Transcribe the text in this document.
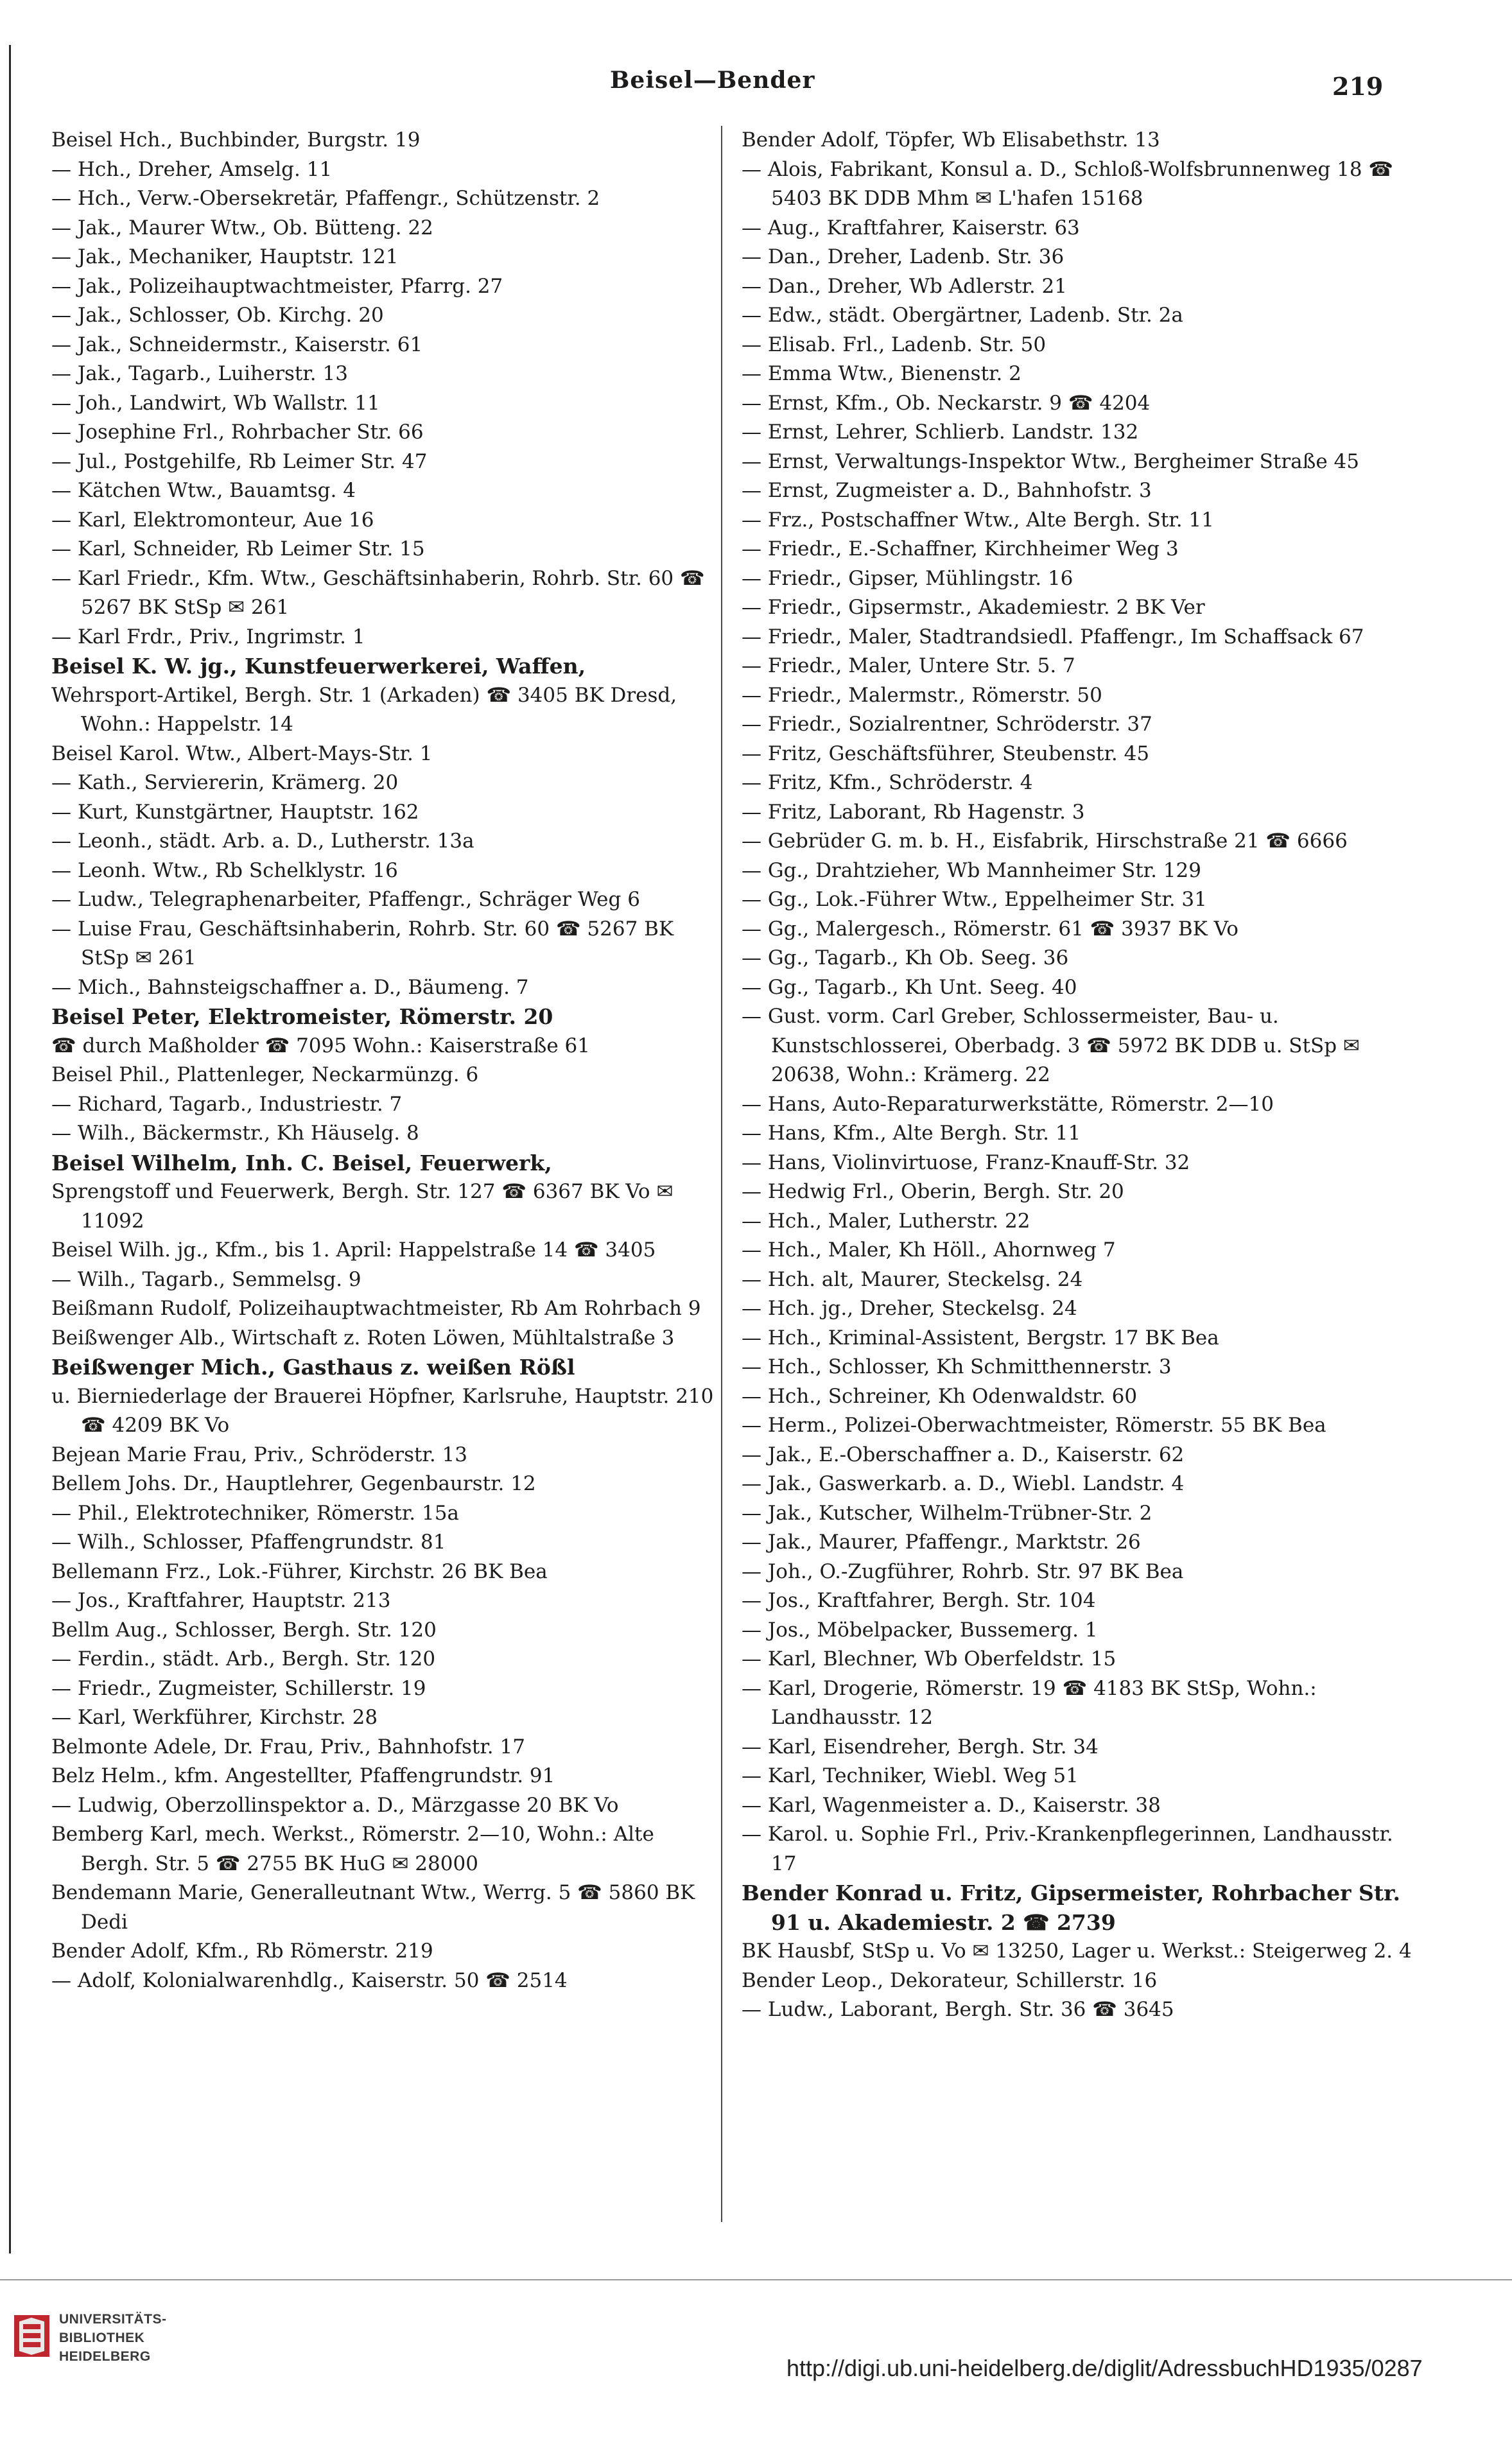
Beisel—Bender	219

Beisel Hch., Buchbinder, Burgstr. 19

— Hch., Dreher, Amselg. 11

— Hch., Verw.-Obersekretär, Pfaffengr., Schützenstr. 2

— Jak., Maurer Wtw., Ob. Bütteng. 22

— Jak., Mechaniker, Hauptstr. 121

— Jak., Polizeihauptwachtmeister, Pfarrg. 27

— Jak., Schlosser, Ob. Kirchg. 20

— Jak., Schneidermstr., Kaiserstr. 61

— Jak., Tagarb., Luiherstr. 13

— Joh., Landwirt, Wb Wallstr. 11

— Josephine Frl., Rohrbacher Str. 66

— Jul., Postgehilfe, Rb Leimer Str. 47

— Kätchen Wtw., Bauamtsg. 4

— Karl, Elektromonteur, Aue 16

— Karl, Schneider, Rb Leimer Str. 15

— Karl Friedr., Kfm. Wtw., Geschäftsinhaberin, Rohrb. Str. 60 ☎ 5267 BK StSp ✉ 261

— Karl Frdr., Priv., Ingrimstr. 1

Beisel K. W. jg., Kunstfeuerwerkerei, Waffen,

Wehrsport-Artikel, Bergh. Str. 1 (Arkaden) ☎ 3405 BK Dresd, Wohn.: Happelstr. 14

Beisel Karol. Wtw., Albert-Mays-Str. 1

— Kath., Serviererin, Krämerg. 20

— Kurt, Kunstgärtner, Hauptstr. 162

— Leonh., städt. Arb. a. D., Lutherstr. 13a

— Leonh. Wtw., Rb Schelklystr. 16

— Ludw., Telegraphenarbeiter, Pfaffengr., Schräger Weg 6

— Luise Frau, Geschäftsinhaberin, Rohrb. Str. 60 ☎ 5267 BK StSp ✉ 261

— Mich., Bahnsteigschaffner a. D., Bäumeng. 7

Beisel Peter, Elektromeister, Römerstr. 20

☎ durch Maßholder ☎ 7095 Wohn.: Kaiserstraße 61

Beisel Phil., Plattenleger, Neckarmünzg. 6

— Richard, Tagarb., Industriestr. 7

— Wilh., Bäckermstr., Kh Häuselg. 8

Beisel Wilhelm, Inh. C. Beisel, Feuerwerk,

Sprengstoff und Feuerwerk, Bergh. Str. 127 ☎ 6367 BK Vo ✉ 11092

Beisel Wilh. jg., Kfm., bis 1. April: Happelstraße 14 ☎ 3405

— Wilh., Tagarb., Semmelsg. 9

Beißmann Rudolf, Polizeihauptwachtmeister, Rb Am Rohrbach 9

Beißwenger Alb., Wirtschaft z. Roten Löwen, Mühltalstraße 3

Beißwenger Mich., Gasthaus z. weißen Rößl

u. Bierniederlage der Brauerei Höpfner, Karlsruhe, Hauptstr. 210 ☎ 4209 BK Vo

Bejean Marie Frau, Priv., Schröderstr. 13

Bellem Johs. Dr., Hauptlehrer, Gegenbaurstr. 12

— Phil., Elektrotechniker, Römerstr. 15a

— Wilh., Schlosser, Pfaffengrundstr. 81

Bellemann Frz., Lok.-Führer, Kirchstr. 26 BK Bea

— Jos., Kraftfahrer, Hauptstr. 213

Bellm Aug., Schlosser, Bergh. Str. 120

— Ferdin., städt. Arb., Bergh. Str. 120

— Friedr., Zugmeister, Schillerstr. 19

— Karl, Werkführer, Kirchstr. 28

Belmonte Adele, Dr. Frau, Priv., Bahnhofstr. 17

Belz Helm., kfm. Angestellter, Pfaffengrundstr. 91

— Ludwig, Oberzollinspektor a. D., Märzgasse 20 BK Vo

Bemberg Karl, mech. Werkst., Römerstr. 2—10, Wohn.: Alte Bergh. Str. 5 ☎ 2755 BK HuG ✉ 28000

Bendemann Marie, Generalleutnant Wtw., Werrg. 5 ☎ 5860 BK Dedi

Bender Adolf, Kfm., Rb Römerstr. 219

— Adolf, Kolonialwarenhdlg., Kaiserstr. 50 ☎ 2514

Bender Adolf, Töpfer, Wb Elisabethstr. 13

— Alois, Fabrikant, Konsul a. D., Schloß-Wolfsbrunnenweg 18 ☎ 5403 BK DDB Mhm ✉ L'hafen 15168

— Aug., Kraftfahrer, Kaiserstr. 63

— Dan., Dreher, Ladenb. Str. 36

— Dan., Dreher, Wb Adlerstr. 21

— Edw., städt. Obergärtner, Ladenb. Str. 2a

— Elisab. Frl., Ladenb. Str. 50

— Emma Wtw., Bienenstr. 2

— Ernst, Kfm., Ob. Neckarstr. 9 ☎ 4204

— Ernst, Lehrer, Schlierb. Landstr. 132

— Ernst, Verwaltungs-Inspektor Wtw., Bergheimer Straße 45

— Ernst, Zugmeister a. D., Bahnhofstr. 3

— Frz., Postschaffner Wtw., Alte Bergh. Str. 11

— Friedr., E.-Schaffner, Kirchheimer Weg 3

— Friedr., Gipser, Mühlingstr. 16

— Friedr., Gipsermstr., Akademiestr. 2 BK Ver

— Friedr., Maler, Stadtrandsiedl. Pfaffengr., Im Schaffsack 67

— Friedr., Maler, Untere Str. 5. 7

— Friedr., Malermstr., Römerstr. 50

— Friedr., Sozialrentner, Schröderstr. 37

— Fritz, Geschäftsführer, Steubenstr. 45

— Fritz, Kfm., Schröderstr. 4

— Fritz, Laborant, Rb Hagenstr. 3

— Gebrüder G. m. b. H., Eisfabrik, Hirschstraße 21 ☎ 6666

— Gg., Drahtzieher, Wb Mannheimer Str. 129

— Gg., Lok.-Führer Wtw., Eppelheimer Str. 31

— Gg., Malergesch., Römerstr. 61 ☎ 3937 BK Vo

— Gg., Tagarb., Kh Ob. Seeg. 36

— Gg., Tagarb., Kh Unt. Seeg. 40

— Gust. vorm. Carl Greber, Schlossermeister, Bau- u. Kunstschlosserei, Oberbadg. 3 ☎ 5972 BK DDB u. StSp ✉ 20638, Wohn.: Krämerg. 22

— Hans, Auto-Reparaturwerkstätte, Römerstr. 2—10

— Hans, Kfm., Alte Bergh. Str. 11

— Hans, Violinvirtuose, Franz-Knauff-Str. 32

— Hedwig Frl., Oberin, Bergh. Str. 20

— Hch., Maler, Lutherstr. 22

— Hch., Maler, Kh Höll., Ahornweg 7

— Hch. alt, Maurer, Steckelsg. 24

— Hch. jg., Dreher, Steckelsg. 24

— Hch., Kriminal-Assistent, Bergstr. 17 BK Bea

— Hch., Schlosser, Kh Schmitthennerstr. 3

— Hch., Schreiner, Kh Odenwaldstr. 60

— Herm., Polizei-Oberwachtmeister, Römerstr. 55 BK Bea

— Jak., E.-Oberschaffner a. D., Kaiserstr. 62

— Jak., Gaswerkarb. a. D., Wiebl. Landstr. 4

— Jak., Kutscher, Wilhelm-Trübner-Str. 2

— Jak., Maurer, Pfaffengr., Marktstr. 26

— Joh., O.-Zugführer, Rohrb. Str. 97 BK Bea

— Jos., Kraftfahrer, Bergh. Str. 104

— Jos., Möbelpacker, Bussemerg. 1

— Karl, Blechner, Wb Oberfeldstr. 15

— Karl, Drogerie, Römerstr. 19 ☎ 4183 BK StSp, Wohn.: Landhausstr. 12

— Karl, Eisendreher, Bergh. Str. 34

— Karl, Techniker, Wiebl. Weg 51

— Karl, Wagenmeister a. D., Kaiserstr. 38

— Karol. u. Sophie Frl., Priv.-Krankenpflegerinnen, Landhausstr. 17

Bender Konrad u. Fritz, Gipsermeister, Rohrbacher Str. 91 u. Akademiestr. 2 ☎ 2739

BK Hausbf, StSp u. Vo ✉ 13250, Lager u. Werkst.: Steigerweg 2. 4

Bender Leop., Dekorateur, Schillerstr. 16

— Ludw., Laborant, Bergh. Str. 36 ☎ 3645

UNIVERSITÄTS-
BIBLIOTHEK
HEIDELBERG	http://digi.ub.uni-heidelberg.de/diglit/AdressbuchHD1935/0287
